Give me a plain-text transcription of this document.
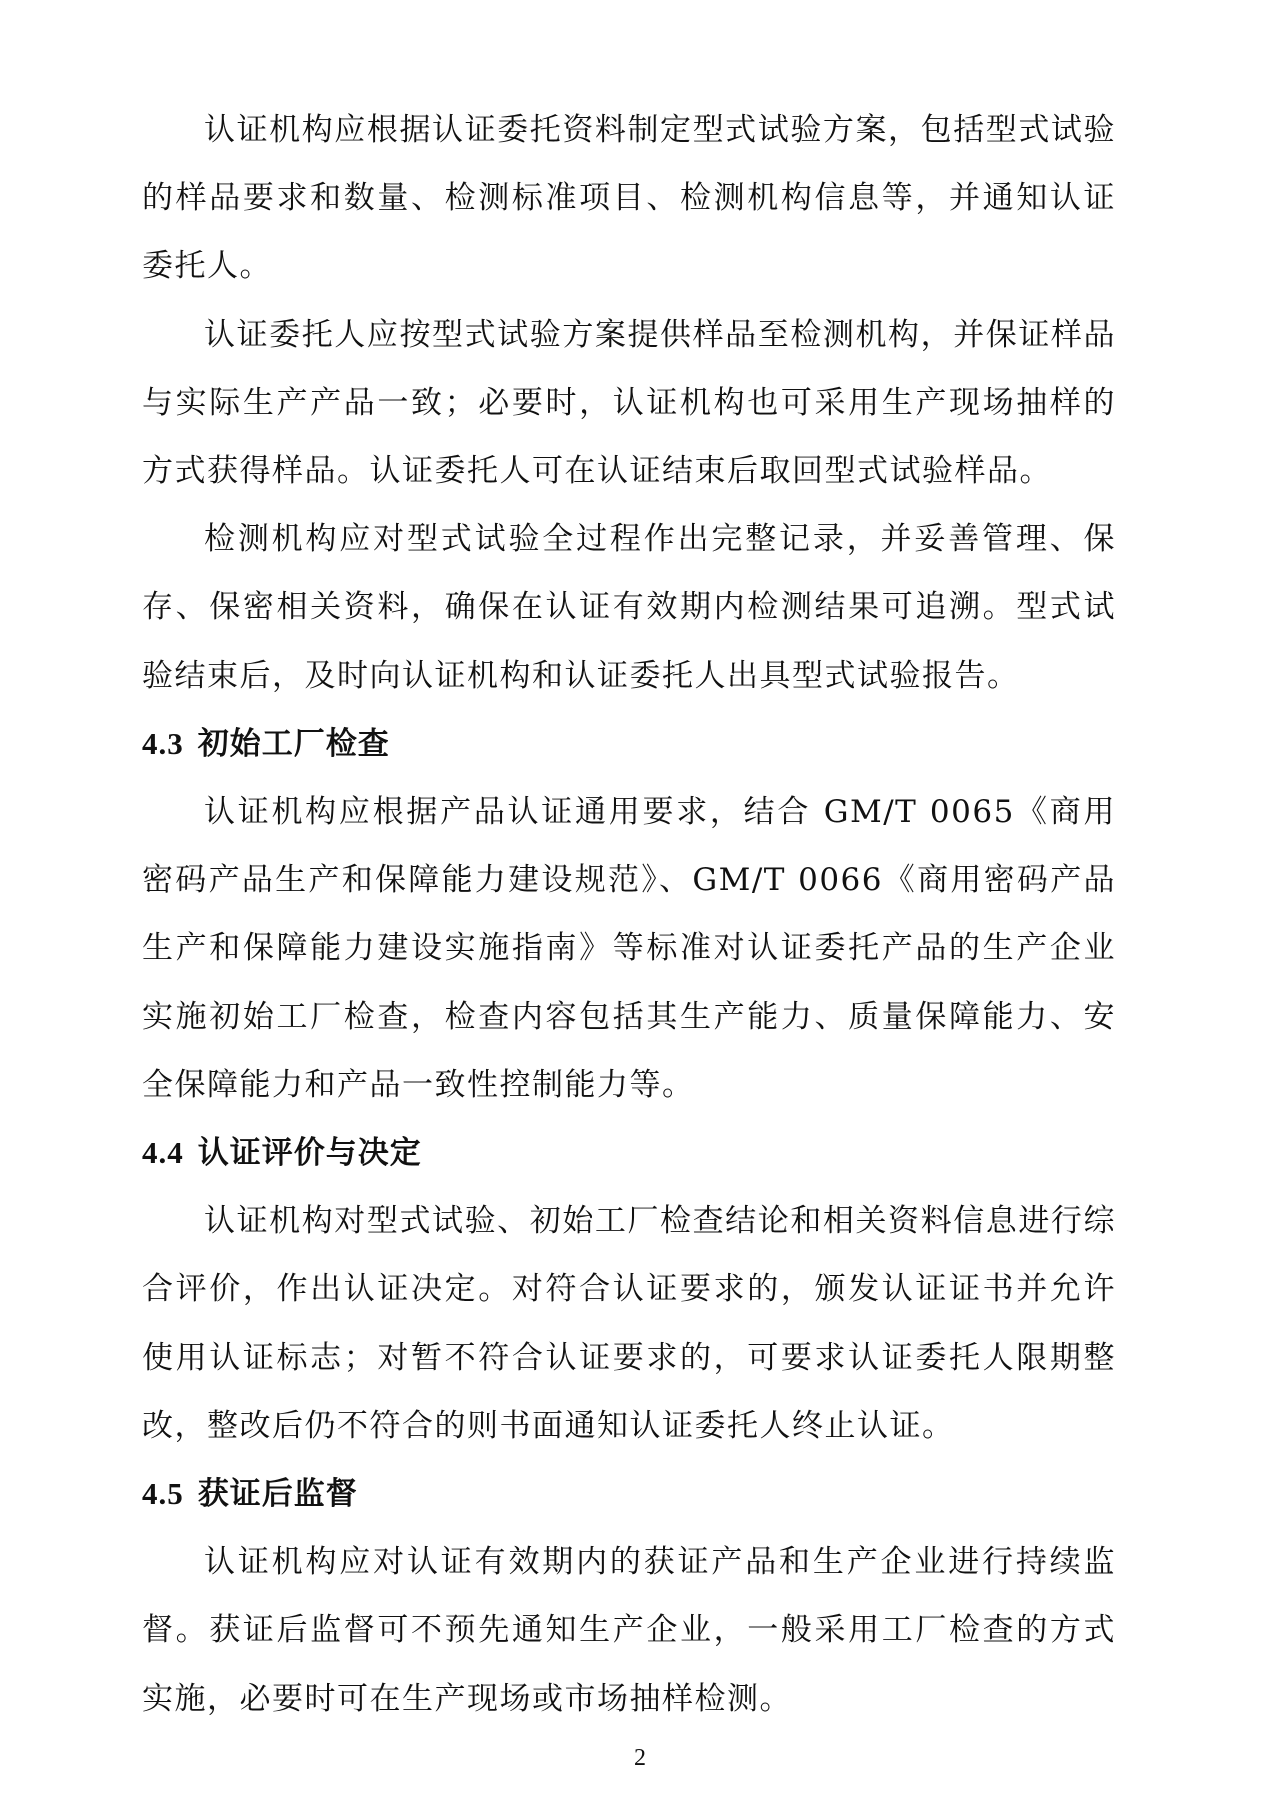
认证机构应根据认证委托资料制定型式试验方案，包括型式试验的样品要求和数量、检测标准项目、检测机构信息等，并通知认证委托人。

认证委托人应按型式试验方案提供样品至检测机构，并保证样品与实际生产产品一致；必要时，认证机构也可采用生产现场抽样的方式获得样品。认证委托人可在认证结束后取回型式试验样品。

检测机构应对型式试验全过程作出完整记录，并妥善管理、保存、保密相关资料，确保在认证有效期内检测结果可追溯。型式试验结束后，及时向认证机构和认证委托人出具型式试验报告。

4.3 初始工厂检查

认证机构应根据产品认证通用要求，结合 GM/T 0065《商用密码产品生产和保障能力建设规范》、GM/T 0066《商用密码产品生产和保障能力建设实施指南》等标准对认证委托产品的生产企业实施初始工厂检查，检查内容包括其生产能力、质量保障能力、安全保障能力和产品一致性控制能力等。

4.4 认证评价与决定

认证机构对型式试验、初始工厂检查结论和相关资料信息进行综合评价，作出认证决定。对符合认证要求的，颁发认证证书并允许使用认证标志；对暂不符合认证要求的，可要求认证委托人限期整改，整改后仍不符合的则书面通知认证委托人终止认证。

4.5 获证后监督

认证机构应对认证有效期内的获证产品和生产企业进行持续监督。获证后监督可不预先通知生产企业，一般采用工厂检查的方式实施，必要时可在生产现场或市场抽样检测。

2
